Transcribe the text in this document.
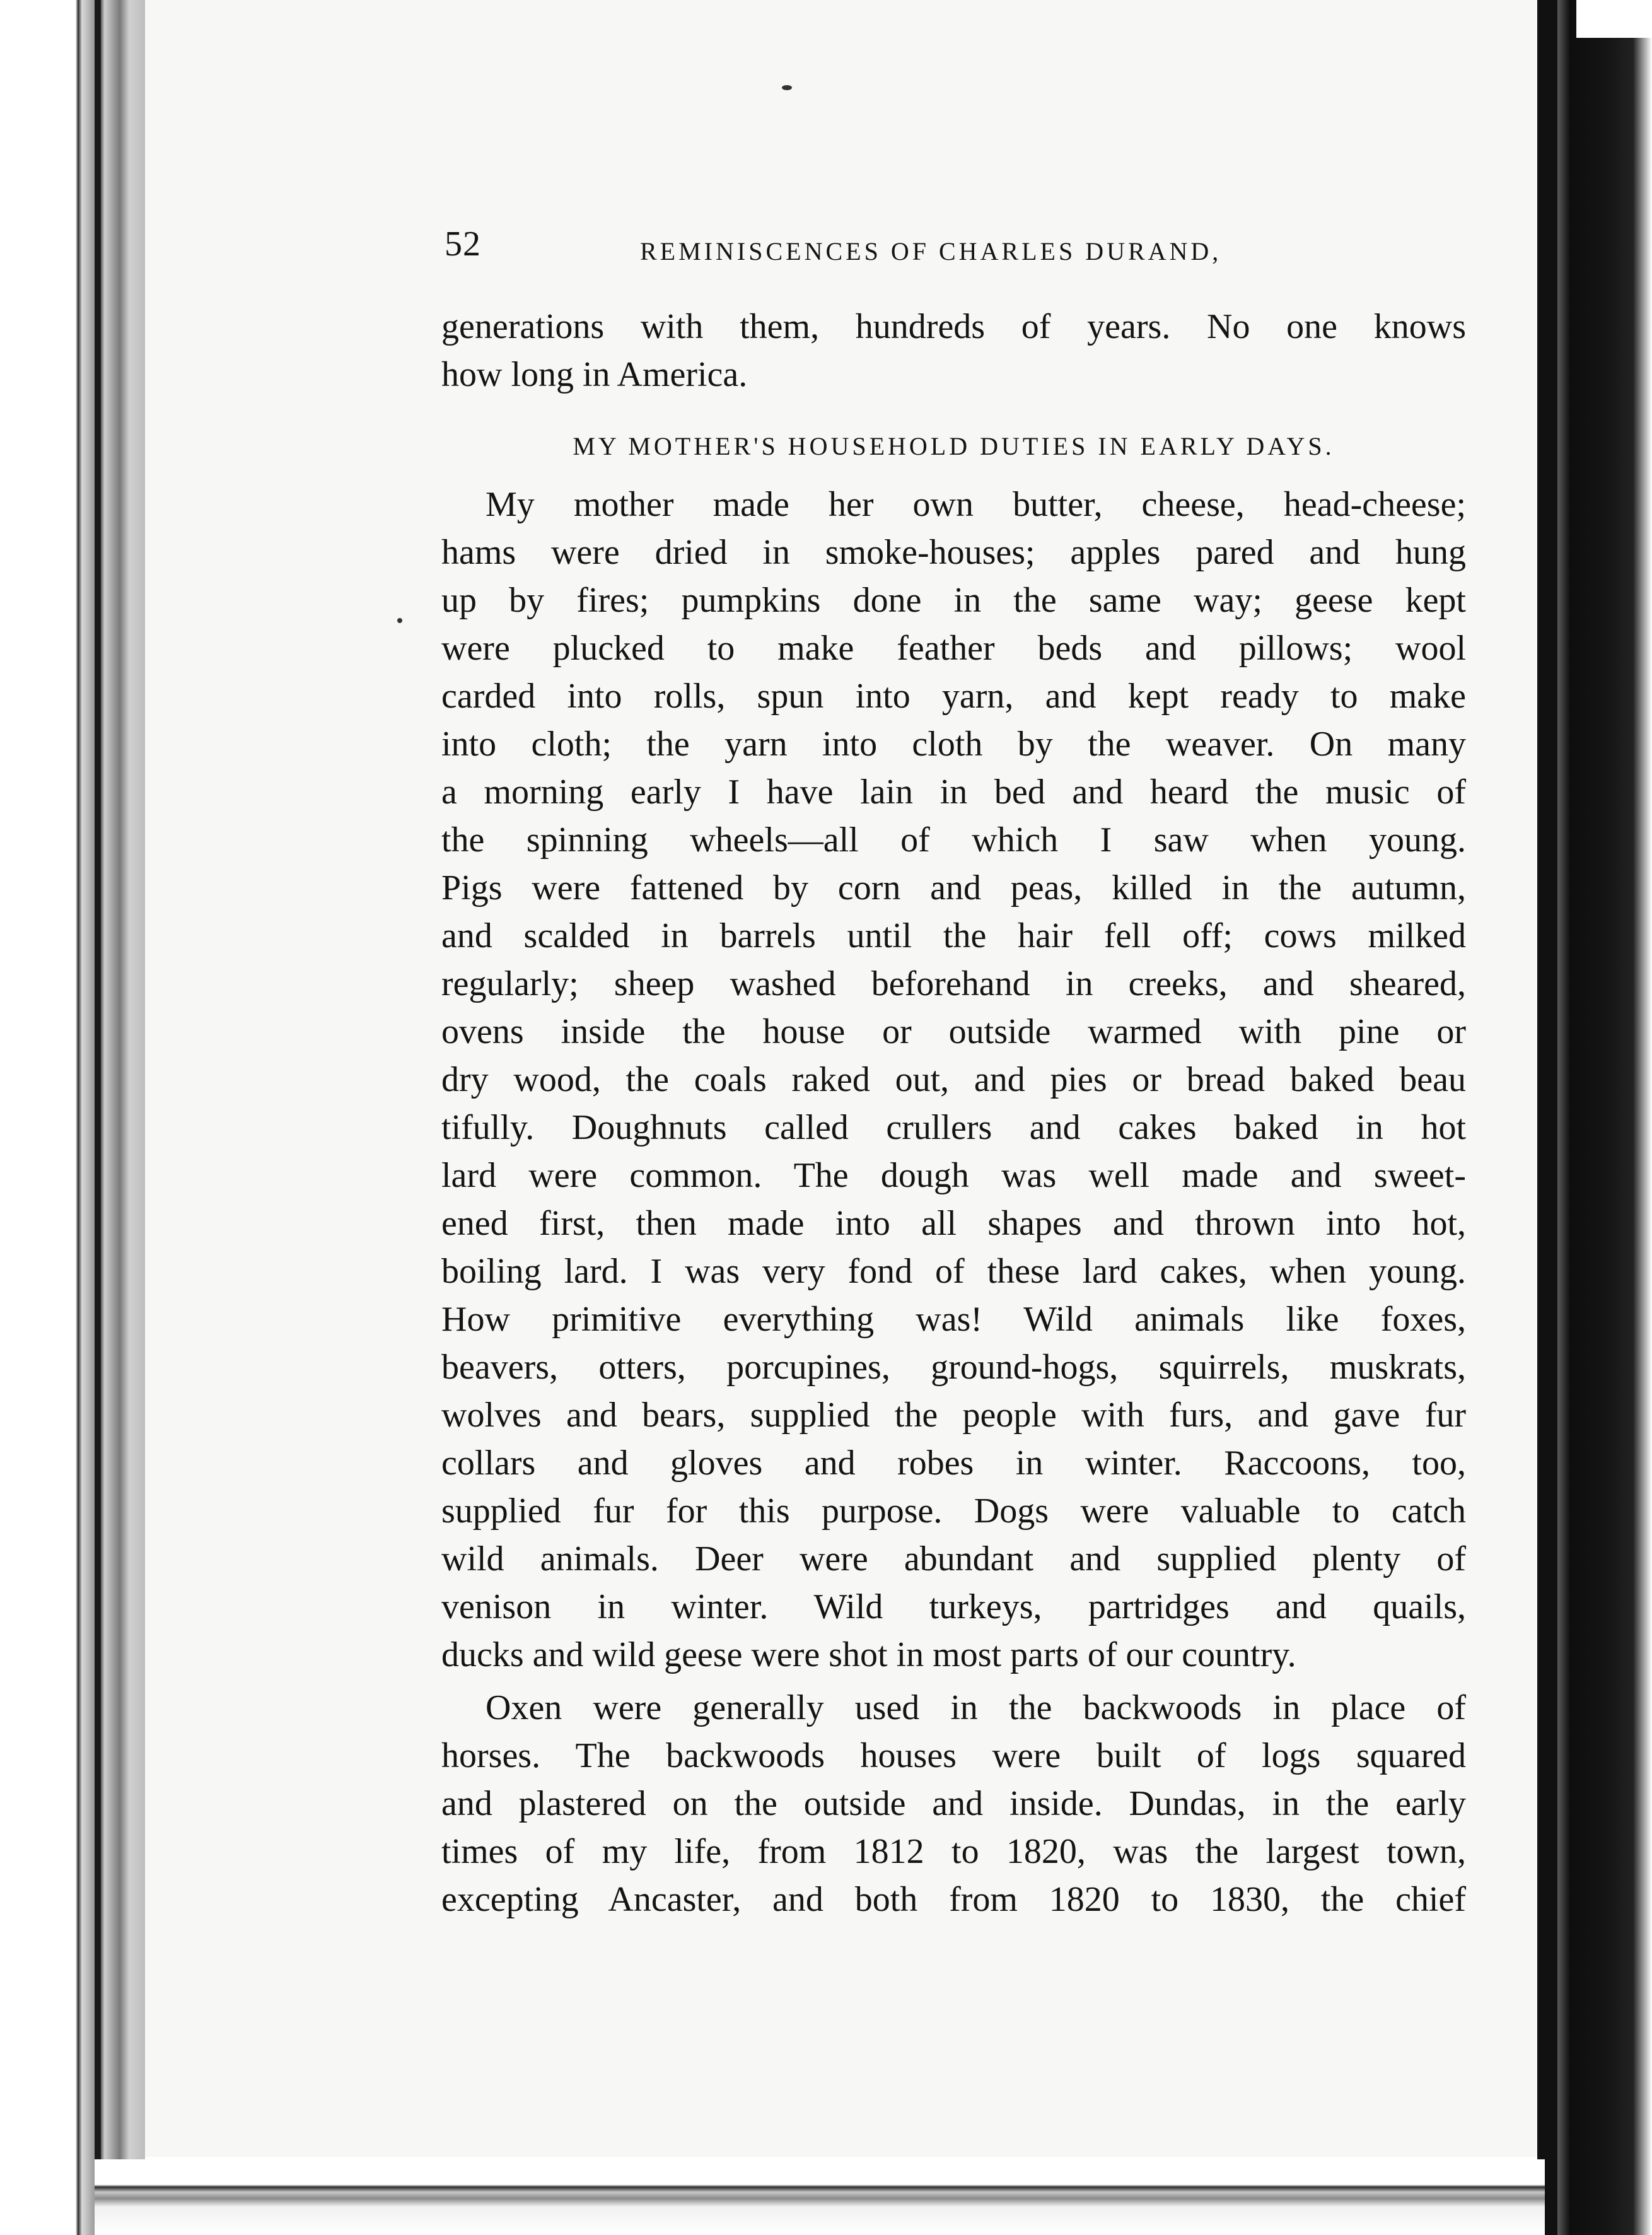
52	REMINISCENCES OF CHARLES DURAND,
generations with them, hundreds of years. No one knows
how long in America.
MY MOTHER'S HOUSEHOLD DUTIES IN EARLY DAYS.
My mother made her own butter, cheese, head-cheese;
hams were dried in smoke-houses; apples pared and hung
up by fires; pumpkins done in the same way; geese kept
were plucked to make feather beds and pillows; wool
carded into rolls, spun into yarn, and kept ready to make
into cloth; the yarn into cloth by the weaver. On many
a morning early I have lain in bed and heard the music of
the spinning wheels—all of which I saw when young.
Pigs were fattened by corn and peas, killed in the autumn,
and scalded in barrels until the hair fell off; cows milked
regularly; sheep washed beforehand in creeks, and sheared,
ovens inside the house or outside warmed with pine or
dry wood, the coals raked out, and pies or bread baked beau
tifully. Doughnuts called crullers and cakes baked in hot
lard were common. The dough was well made and sweet-
ened first, then made into all shapes and thrown into hot,
boiling lard. I was very fond of these lard cakes, when young.
How primitive everything was! Wild animals like foxes,
beavers, otters, porcupines, ground-hogs, squirrels, muskrats,
wolves and bears, supplied the people with furs, and gave fur
collars and gloves and robes in winter. Raccoons, too,
supplied fur for this purpose. Dogs were valuable to catch
wild animals. Deer were abundant and supplied plenty of
venison in winter. Wild turkeys, partridges and quails,
ducks and wild geese were shot in most parts of our country.
Oxen were generally used in the backwoods in place of
horses. The backwoods houses were built of logs squared
and plastered on the outside and inside. Dundas, in the early
times of my life, from 1812 to 1820, was the largest town,
excepting Ancaster, and both from 1820 to 1830, the chief
